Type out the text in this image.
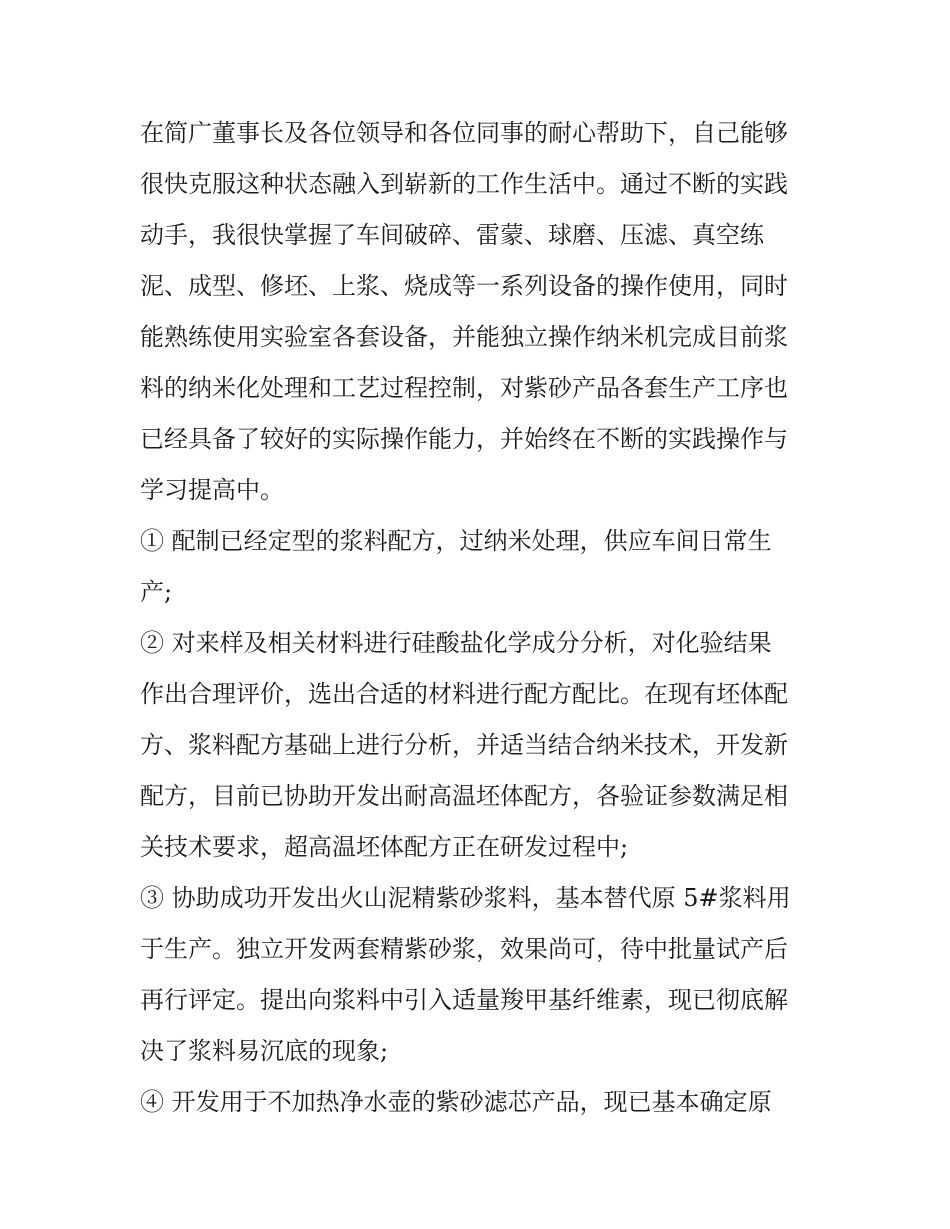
在简广董事长及各位领导和各位同事的耐心帮助下，自己能够
很快克服这种状态融入到崭新的工作生活中。通过不断的实践
动手，我很快掌握了车间破碎、雷蒙、球磨、压滤、真空练
泥、成型、修坯、上浆、烧成等一系列设备的操作使用，同时
能熟练使用实验室各套设备，并能独立操作纳米机完成目前浆
料的纳米化处理和工艺过程控制，对紫砂产品各套生产工序也
已经具备了较好的实际操作能力，并始终在不断的实践操作与
学习提高中。
① 配制已经定型的浆料配方，过纳米处理，供应车间日常生
产;
② 对来样及相关材料进行硅酸盐化学成分分析，对化验结果
作出合理评价，选出合适的材料进行配方配比。在现有坯体配
方、浆料配方基础上进行分析，并适当结合纳米技术，开发新
配方，目前已协助开发出耐高温坯体配方，各验证参数满足相
关技术要求，超高温坯体配方正在研发过程中;
③ 协助成功开发出火山泥精紫砂浆料，基本替代原 5#浆料用
于生产。独立开发两套精紫砂浆，效果尚可，待中批量试产后
再行评定。提出向浆料中引入适量羧甲基纤维素，现已彻底解
决了浆料易沉底的现象;
④ 开发用于不加热净水壶的紫砂滤芯产品，现已基本确定原
